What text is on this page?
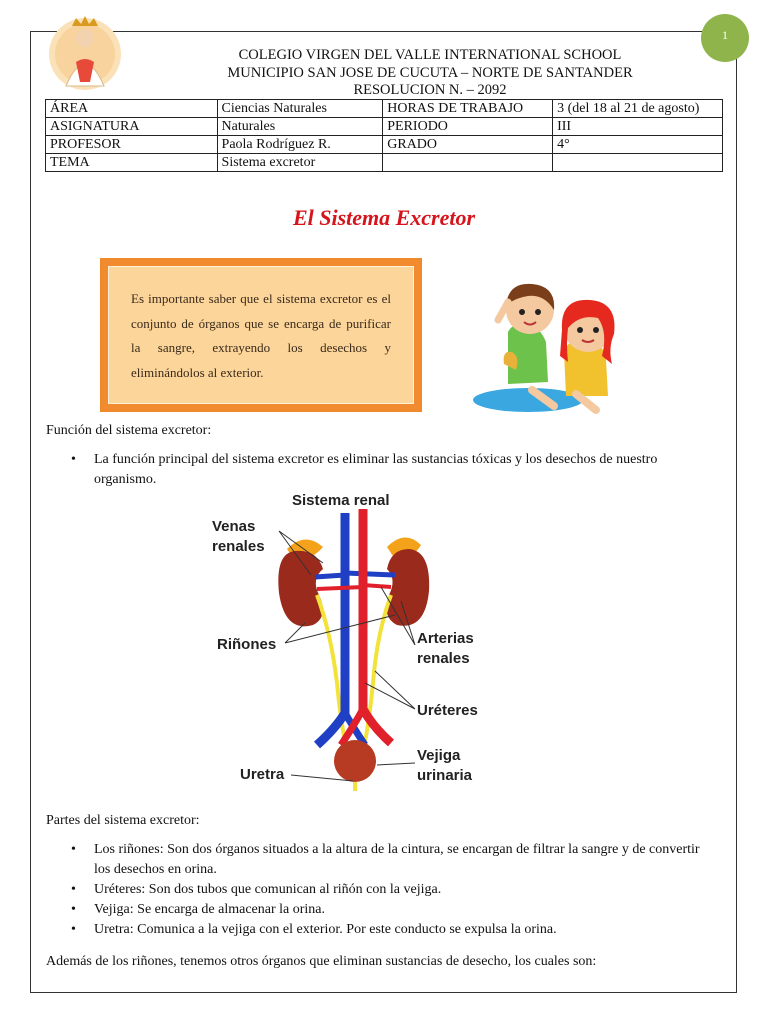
1
COLEGIO VIRGEN DEL VALLE INTERNATIONAL SCHOOL
MUNICIPIO SAN JOSE DE CUCUTA – NORTE DE SANTANDER
RESOLUCION N. – 2092
ÁREA	Ciencias Naturales	HORAS DE TRABAJO	3 (del 18 al 21 de agosto)
ASIGNATURA	Naturales	PERIODO	III
PROFESOR	Paola Rodríguez R.	GRADO	4°
TEMA	Sistema excretor		
El Sistema Excretor
Es importante saber que el sistema excretor es el conjunto de órganos que se encarga de purificar la sangre, extrayendo los desechos y eliminándolos al exterior.
Función del sistema excretor:
• La función principal del sistema excretor es eliminar las sustancias tóxicas y los desechos de nuestro organismo.
Sistema renal
Venas
renales
Riñones	Arterias
renales
Uréteres
Vejiga
urinaria
Uretra
Partes del sistema excretor:
• Los riñones: Son dos órganos situados a la altura de la cintura, se encargan de filtrar la sangre y de convertir los desechos en orina.
• Uréteres: Son dos tubos que comunican al riñón con la vejiga.
• Vejiga: Se encarga de almacenar la orina.
• Uretra: Comunica a la vejiga con el exterior. Por este conducto se expulsa la orina.
Además de los riñones, tenemos otros órganos que eliminan sustancias de desecho, los cuales son:
